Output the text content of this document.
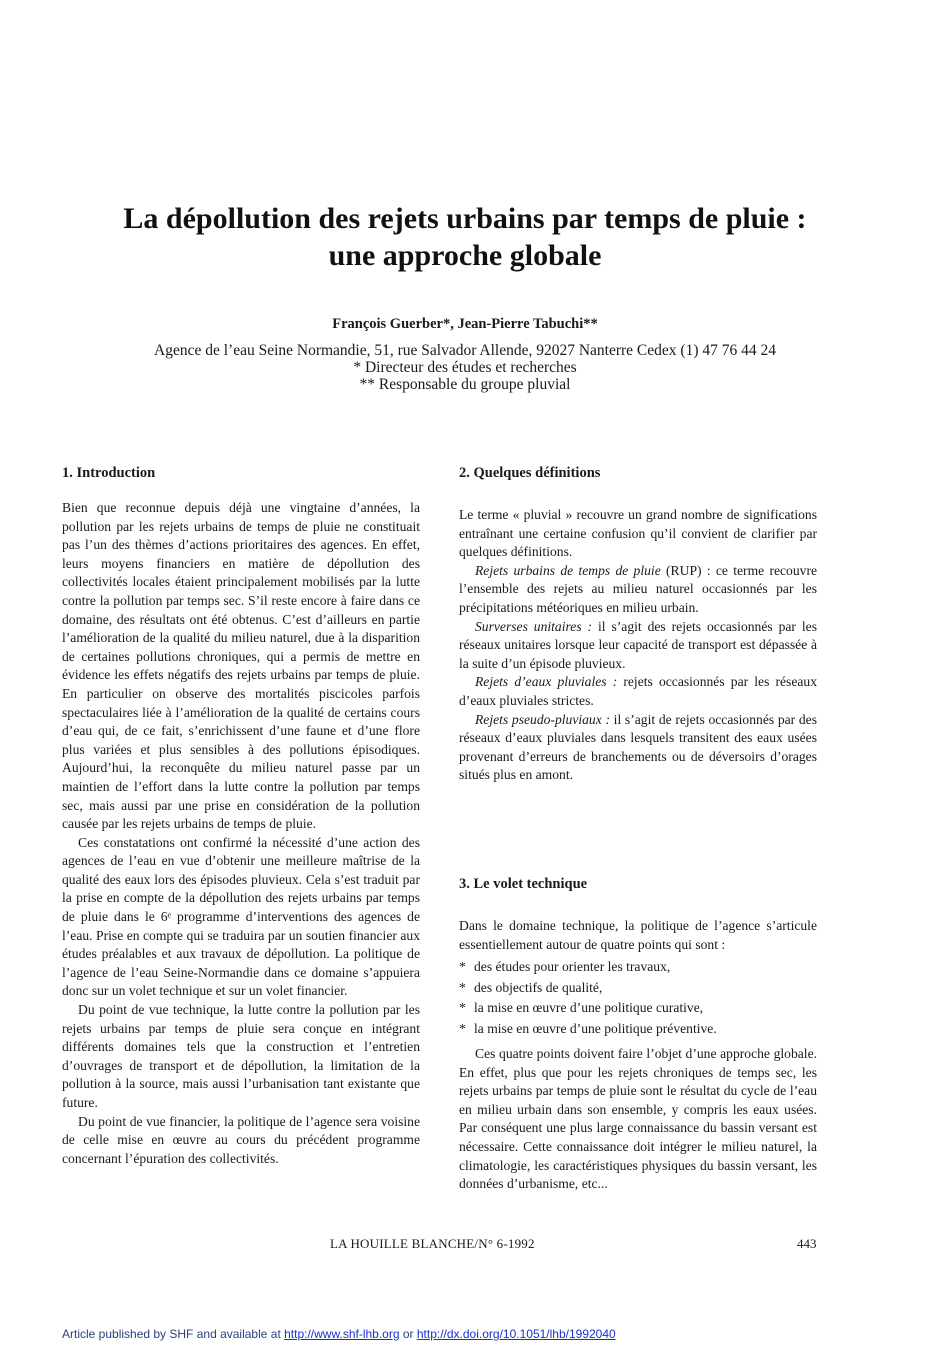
La dépollution des rejets urbains par temps de pluie :
une approche globale

François Guerber*, Jean-Pierre Tabuchi**

Agence de l’eau Seine Normandie, 51, rue Salvador Allende, 92027 Nanterre Cedex (1) 47 76 44 24
* Directeur des études et recherches
** Responsable du groupe pluvial

1. Introduction

Bien que reconnue depuis déjà une vingtaine d’années, la pollution par les rejets urbains de temps de pluie ne constituait pas l’un des thèmes d’actions prioritaires des agences. En effet, leurs moyens financiers en matière de dépollution des collectivités locales étaient principalement mobilisés par la lutte contre la pollution par temps sec. S’il reste encore à faire dans ce domaine, des résultats ont été obtenus. C’est d’ailleurs en partie l’amélioration de la qualité du milieu naturel, due à la disparition de certaines pollutions chroniques, qui a permis de mettre en évidence les effets négatifs des rejets urbains par temps de pluie. En particulier on observe des mortalités piscicoles parfois spectaculaires liée à l’amélioration de la qualité de certains cours d’eau qui, de ce fait, s’enrichissent d’une faune et d’une flore plus variées et plus sensibles à des pollutions épisodiques. Aujourd’hui, la reconquête du milieu naturel passe par un maintien de l’effort dans la lutte contre la pollution par temps sec, mais aussi par une prise en considération de la pollution causée par les rejets urbains de temps de pluie.

Ces constatations ont confirmé la nécessité d’une action des agences de l’eau en vue d’obtenir une meilleure maîtrise de la qualité des eaux lors des épisodes pluvieux. Cela s’est traduit par la prise en compte de la dépollution des rejets urbains par temps de pluie dans le 6ᵉ programme d’interventions des agences de l’eau. Prise en compte qui se traduira par un soutien financier aux études préalables et aux travaux de dépollution. La politique de l’agence de l’eau Seine-Normandie dans ce domaine s’appuiera donc sur un volet technique et sur un volet financier.

Du point de vue technique, la lutte contre la pollution par les rejets urbains par temps de pluie sera conçue en intégrant différents domaines tels que la construction et l’entretien d’ouvrages de transport et de dépollution, la limitation de la pollution à la source, mais aussi l’urbanisation tant existante que future.

Du point de vue financier, la politique de l’agence sera voisine de celle mise en œuvre au cours du précédent programme concernant l’épuration des collectivités.

2. Quelques définitions

Le terme « pluvial » recouvre un grand nombre de significations entraînant une certaine confusion qu’il convient de clarifier par quelques définitions.

Rejets urbains de temps de pluie (RUP) : ce terme recouvre l’ensemble des rejets au milieu naturel occasionnés par les précipitations météoriques en milieu urbain.

Surverses unitaires : il s’agit des rejets occasionnés par les réseaux unitaires lorsque leur capacité de transport est dépassée à la suite d’un épisode pluvieux.

Rejets d’eaux pluviales : rejets occasionnés par les réseaux d’eaux pluviales strictes.

Rejets pseudo-pluviaux : il s’agit de rejets occasionnés par des réseaux d’eaux pluviales dans lesquels transitent des eaux usées provenant d’erreurs de branchements ou de déversoirs d’orages situés plus en amont.

3. Le volet technique

Dans le domaine technique, la politique de l’agence s’articule essentiellement autour de quatre points qui sont :

* des études pour orienter les travaux,
* des objectifs de qualité,
* la mise en œuvre d’une politique curative,
* la mise en œuvre d’une politique préventive.

Ces quatre points doivent faire l’objet d’une approche globale. En effet, plus que pour les rejets chroniques de temps sec, les rejets urbains par temps de pluie sont le résultat du cycle de l’eau en milieu urbain dans son ensemble, y compris les eaux usées. Par conséquent une plus large connaissance du bassin versant est nécessaire. Cette connaissance doit intégrer le milieu naturel, la climatologie, les caractéristiques physiques du bassin versant, les données d’urbanisme, etc...

LA HOUILLE BLANCHE/N° 6-1992	443
Article published by SHF and available at http://www.shf-lhb.org or http://dx.doi.org/10.1051/lhb/1992040
